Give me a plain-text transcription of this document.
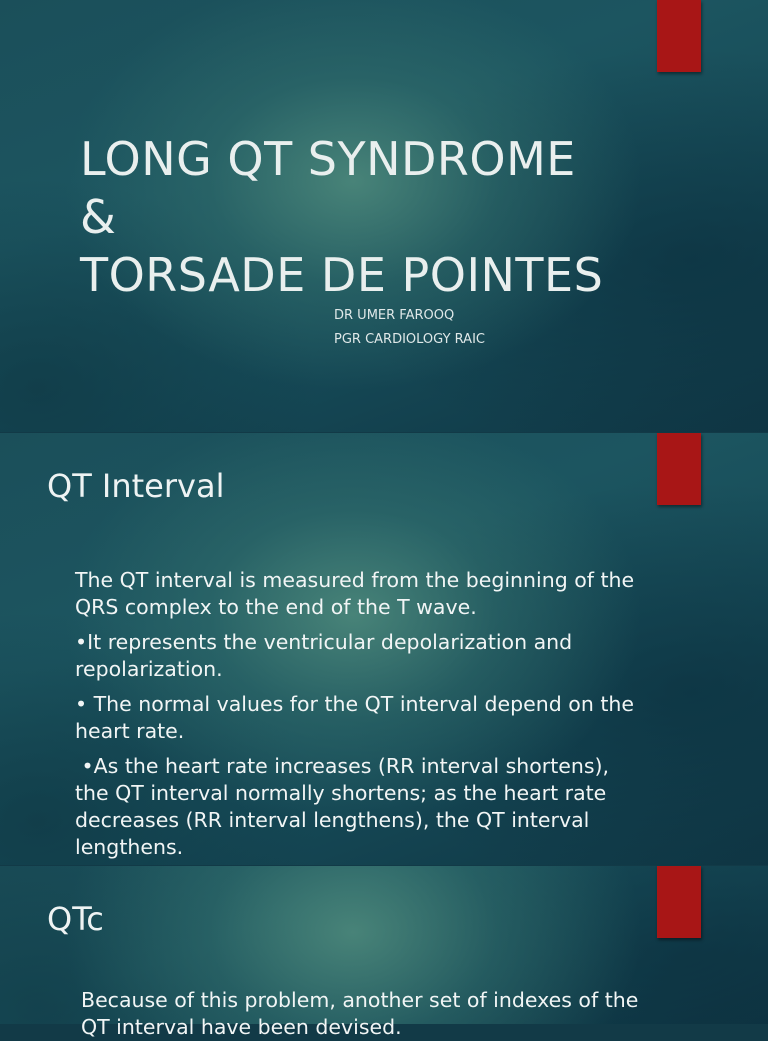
LONG QT SYNDROME
&
TORSADE DE POINTES
DR UMER FAROOQ
PGR CARDIOLOGY RAIC
QT Interval

The QT interval is measured from the beginning of the QRS complex to the end of the T wave.

•It represents the ventricular depolarization and repolarization.

• The normal values for the QT interval depend on the heart rate.

•As the heart rate increases (RR interval shortens), the QT interval normally shortens; as the heart rate decreases (RR interval lengthens), the QT interval lengthens.

QTc

Because of this problem, another set of indexes of the QT interval have been devised.
